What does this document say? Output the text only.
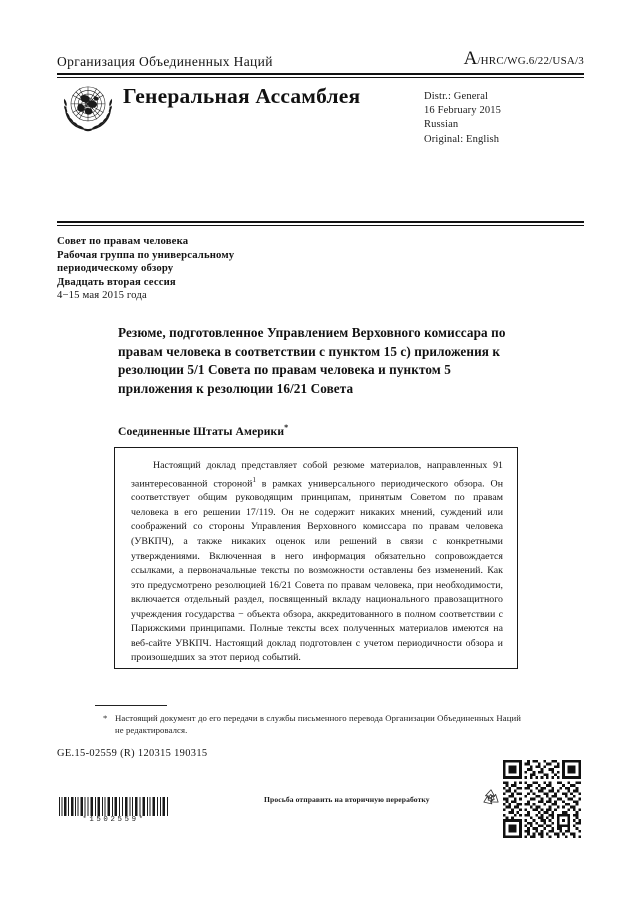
Организация Объединенных Наций	A/HRC/WG.6/22/USA/3
Генеральная Ассамблея	Distr.: General
16 February 2015
Russian
Original: English
Совет по правам человека
Рабочая группа по универсальному
периодическому обзору
Двадцать вторая сессия
4−15 мая 2015 года
Резюме, подготовленное Управлением Верховного комиссара по правам человека в соответствии с пунктом 15 c) приложения к резолюции 5/1 Совета по правам человека и пунктом 5 приложения к резолюции 16/21 Совета
Соединенные Штаты Америки*
Настоящий доклад представляет собой резюме материалов, направленных 91 заинтересованной стороной$^1$ в рамках универсального периодического обзора. Он соответствует общим руководящим принципам, принятым Советом по правам человека в его решении 17/119. Он не содержит никаких мнений, суждений или соображений со стороны Управления Верховного комиссара по правам человека (УВКПЧ), а также никаких оценок или решений в связи с конкретными утверждениями. Включенная в него информация обязательно сопровождается ссылками, а первоначальные тексты по возможности оставлены без изменений. Как это предусмотрено резолюцией 16/21 Совета по правам человека, при необходимости, включается отдельный раздел, посвященный вкладу национального правозащитного учреждения государства − объекта обзора, аккредитованного в полном соответствии с Парижскими принципами. Полные тексты всех полученных материалов имеются на веб-сайте УВКПЧ. Настоящий доклад подготовлен с учетом периодичности обзора и произошедших за этот период событий.
* Настоящий документ до его передачи в службы письменного перевода Организации Объединенных Наций не редактировался.
GE.15-02559 (R) 120315 190315
*1502559*
Просьба отправить на вторичную переработку
